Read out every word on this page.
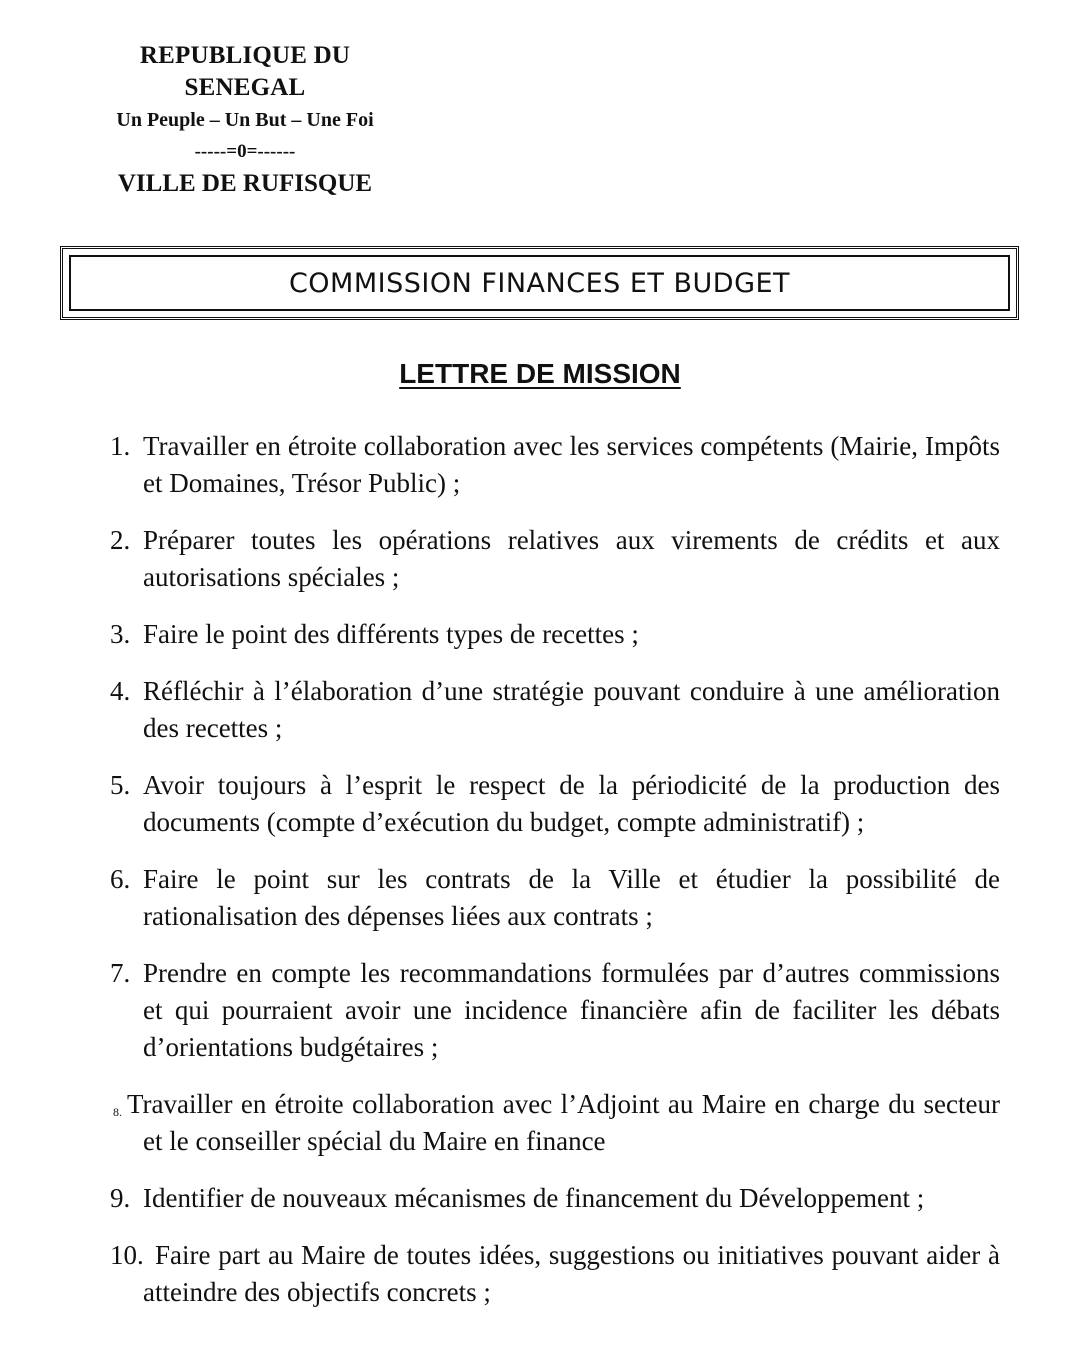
REPUBLIQUE DU SENEGAL
Un Peuple – Un But – Une Foi
-----=0=------
VILLE DE RUFISQUE
COMMISSION FINANCES ET BUDGET
LETTRE DE MISSION
1. Travailler en étroite collaboration avec les services compétents (Mairie, Impôts et Domaines, Trésor Public) ;
2. Préparer toutes les opérations relatives aux virements de crédits et aux autorisations spéciales ;
3. Faire le point des différents types de recettes ;
4. Réfléchir à l’élaboration d’une stratégie pouvant conduire à une amélioration des recettes ;
5. Avoir toujours à l’esprit le respect de la périodicité de la production des documents (compte d’exécution du budget, compte administratif) ;
6. Faire le point sur les contrats de la Ville et étudier la possibilité de rationalisation des dépenses liées aux contrats ;
7. Prendre en compte les recommandations formulées par d’autres commissions et qui pourraient avoir une incidence financière afin de faciliter les débats d’orientations budgétaires ;
8. Travailler en étroite collaboration avec l’Adjoint au Maire en charge du secteur et le conseiller spécial du Maire en finance
9. Identifier de nouveaux mécanismes de financement du Développement ;
10. Faire part au Maire de toutes idées, suggestions ou initiatives pouvant aider à atteindre des objectifs concrets ;
